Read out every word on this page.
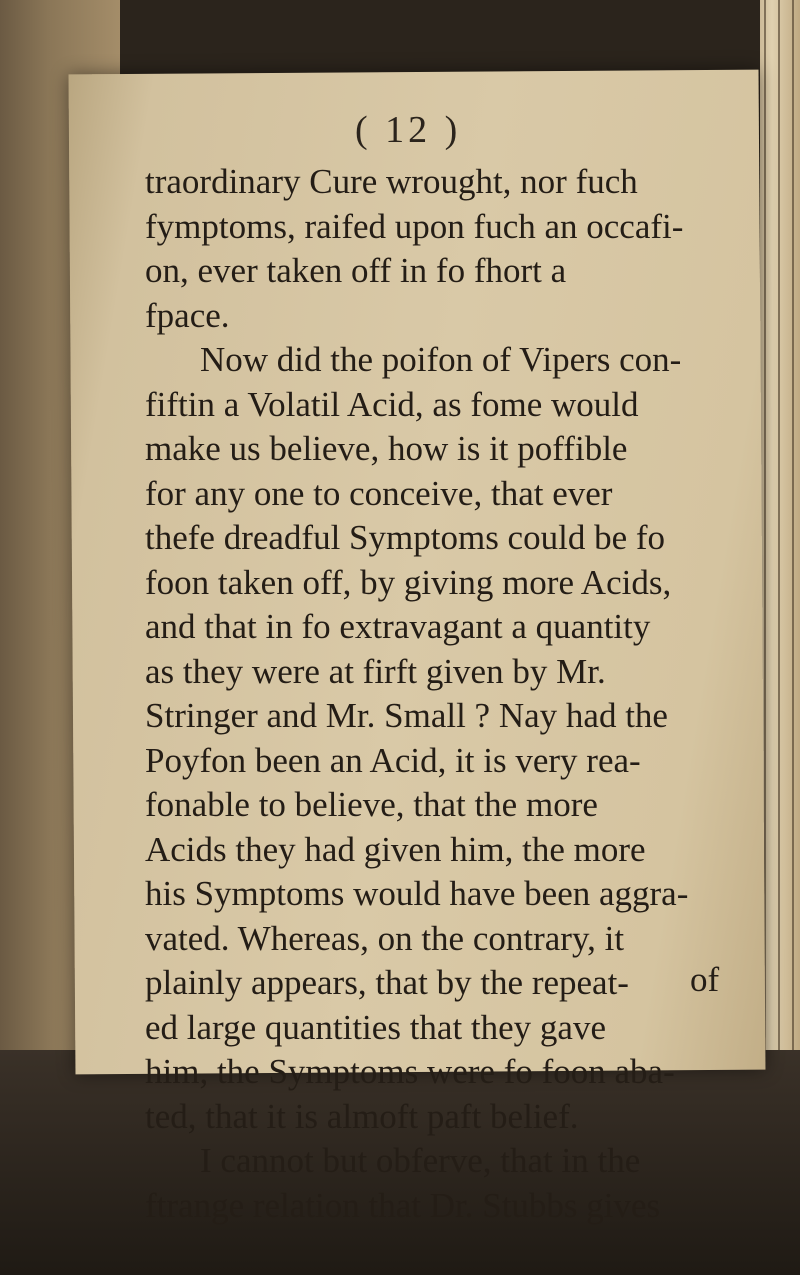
( 12 )

traordinary Cure wrought, nor fuch
fymptoms, raifed upon fuch an occafi-
on, ever taken off in fo fhort a
fpace.

Now did the poifon of Vipers con-
fiftin a Volatil Acid, as fome would
make us believe, how is it poffible
for any one to conceive, that ever
thefe dreadful Symptoms could be fo
foon taken off, by giving more Acids,
and that in fo extravagant a quantity
as they were at firft given by Mr.
Stringer and Mr. Small ? Nay had the
Poyfon been an Acid, it is very rea-
fonable to believe, that the more
Acids they had given him, the more
his Symptoms would have been aggra-
vated. Whereas, on the contrary, it
plainly appears, that by the repeat-
ed large quantities that they gave
him, the Symptoms were fo foon aba-
ted, that it is almoft paft belief.

I cannot but obferve, that in the
ftrange relation that Dr. Stubbs gives

of
